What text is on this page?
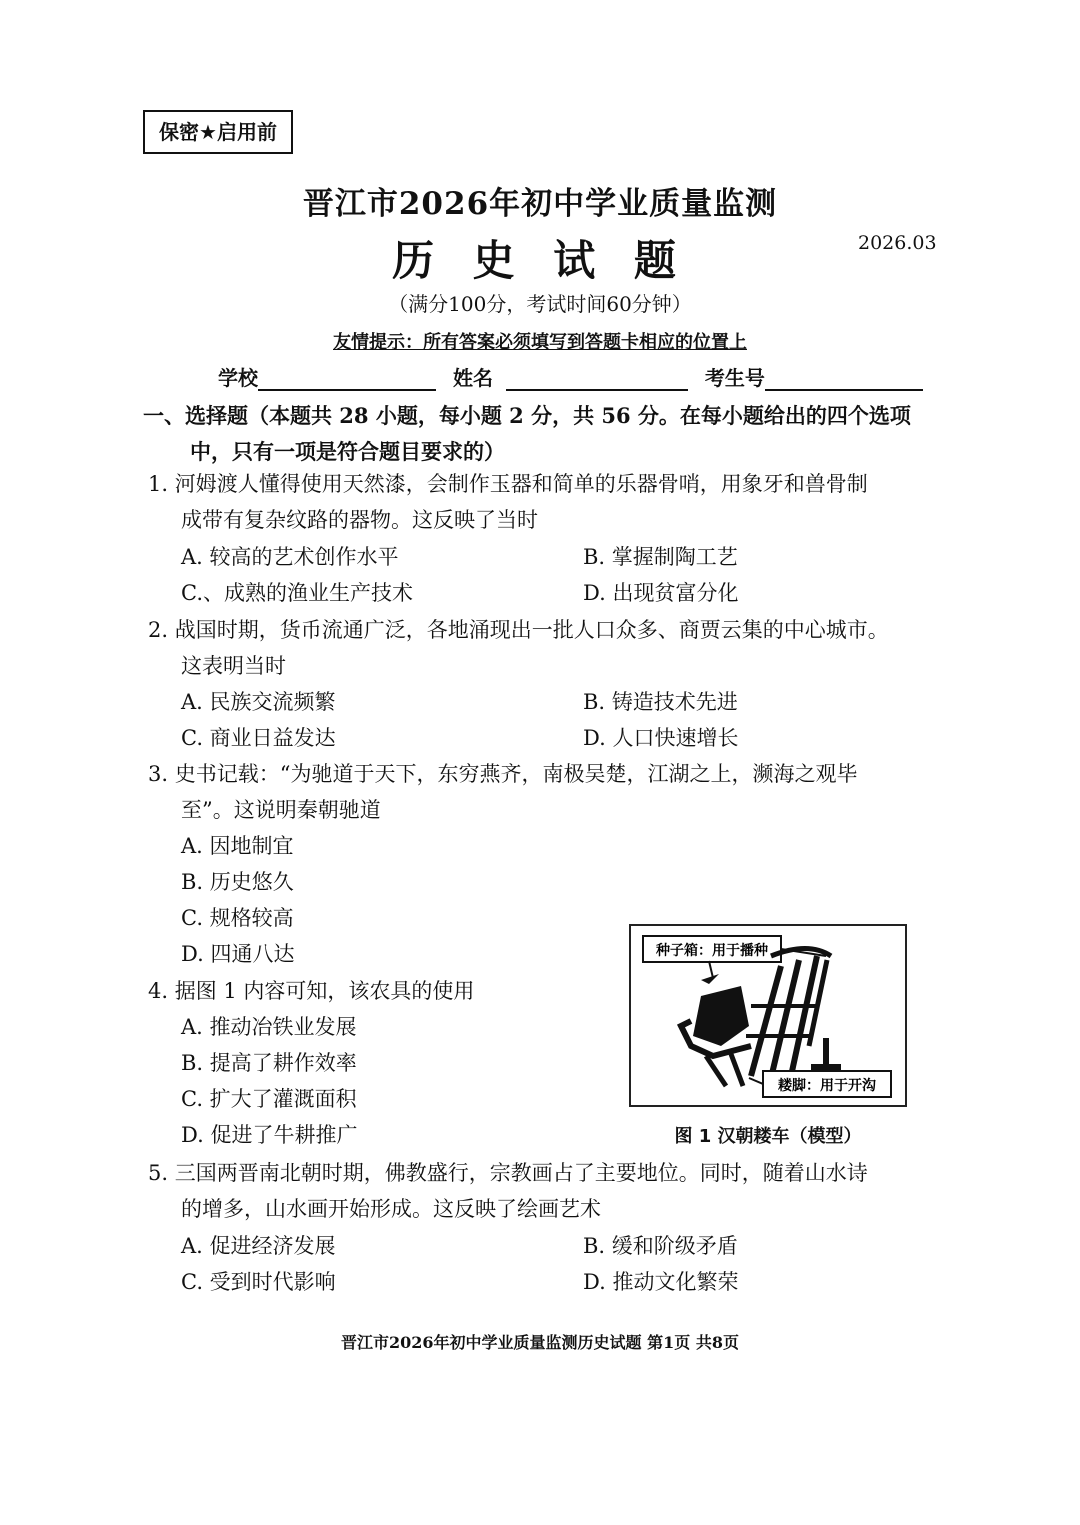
保密★启用前
晋江市2026年初中学业质量监测
历 史 试 题	2026.03
（满分100分，考试时间60分钟）
友情提示：所有答案必须填写到答题卡相应的位置上
学校	姓名	考生号
一、选择题（本题共 28 小题，每小题 2 分，共 56 分。在每小题给出的四个选项
中，只有一项是符合题目要求的）
1. 河姆渡人懂得使用天然漆，会制作玉器和简单的乐器骨哨，用象牙和兽骨制
成带有复杂纹路的器物。这反映了当时
A. 较高的艺术创作水平	B. 掌握制陶工艺
C.、成熟的渔业生产技术	D. 出现贫富分化
2. 战国时期，货币流通广泛，各地涌现出一批人口众多、商贾云集的中心城市。
这表明当时
A. 民族交流频繁	B. 铸造技术先进
C. 商业日益发达	D. 人口快速增长
3. 史书记载：“为驰道于天下，东穷燕齐，南极吴楚，江湖之上，濒海之观毕
至”。这说明秦朝驰道
A. 因地制宜
B. 历史悠久
C. 规格较高
D. 四通八达
4. 据图 1 内容可知，该农具的使用
A. 推动冶铁业发展
B. 提高了耕作效率
C. 扩大了灌溉面积
D. 促进了牛耕推广
种子箱：用于播种
耧脚：用于开沟
图 1 汉朝耧车（模型）
5. 三国两晋南北朝时期，佛教盛行，宗教画占了主要地位。同时，随着山水诗
的增多，山水画开始形成。这反映了绘画艺术
A. 促进经济发展	B. 缓和阶级矛盾
C. 受到时代影响	D. 推动文化繁荣
晋江市2026年初中学业质量监测历史试题 第1页 共8页
